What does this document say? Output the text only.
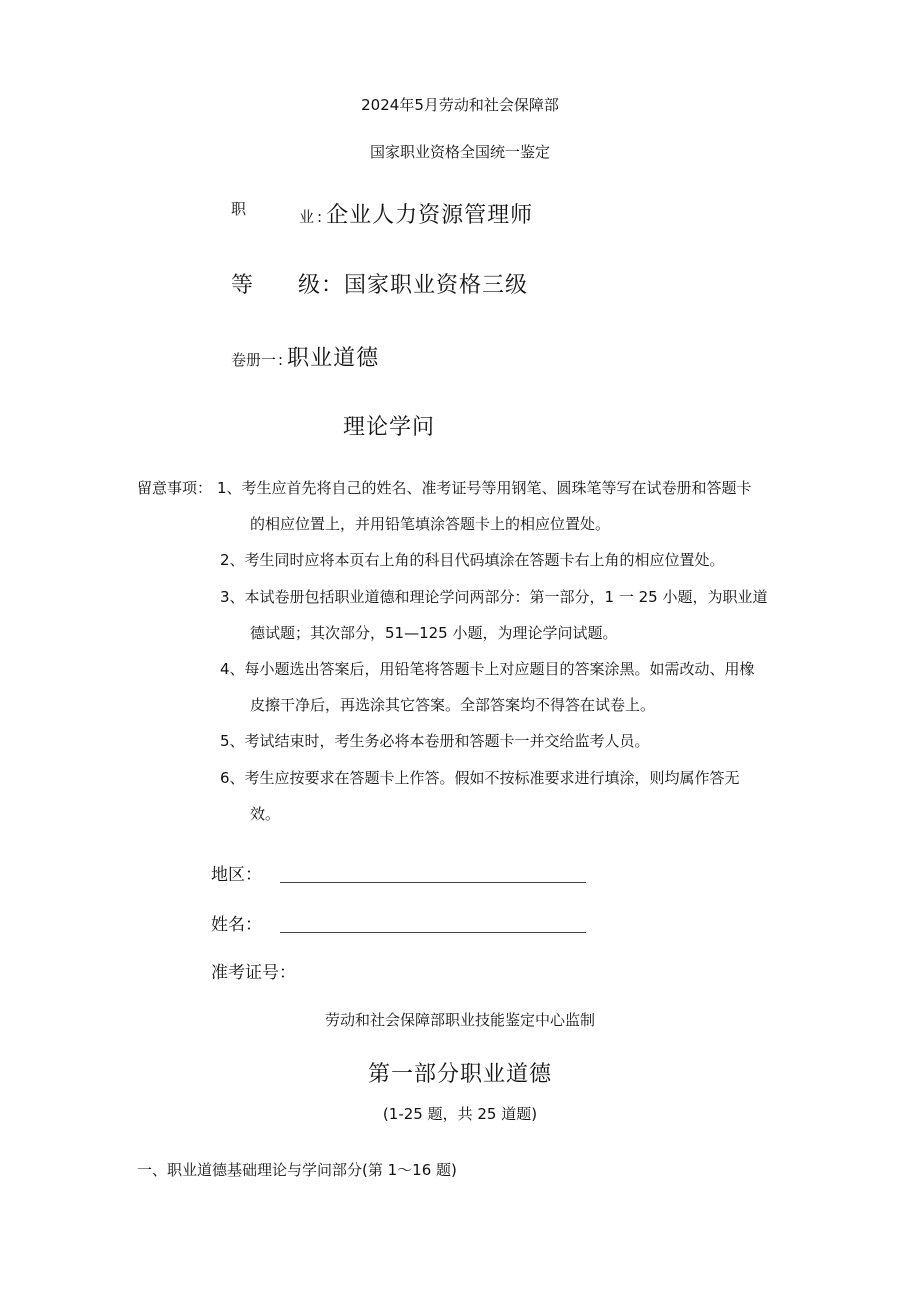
2024年5月劳动和社会保障部
国家职业资格全国统一鉴定
职	业 : 企业人力资源管理师
等 级：国家职业资格三级
卷册一 : 职业道德
理论学问
留意事项： 1、考生应首先将自己的姓名、准考证号等用钢笔、圆珠笔等写在试卷册和答题卡
的相应位置上，并用铅笔填涂答题卡上的相应位置处。
2、考生同时应将本页右上角的科目代码填涂在答题卡右上角的相应位置处。
3、本试卷册包括职业道德和理论学问两部分：第一部分，1 一 25 小题，为职业道
德试题；其次部分，51—125 小题，为理论学问试题。
4、每小题选出答案后，用铅笔将答题卡上对应题目的答案涂黑。如需改动、用橡
皮擦干净后，再选涂其它答案。全部答案均不得答在试卷上。
5、考试结束时，考生务必将本卷册和答题卡一并交给监考人员。
6、考生应按要求在答题卡上作答。假如不按标准要求进行填涂，则均属作答无
效。
地区：
姓名：
准考证号：
劳动和社会保障部职业技能鉴定中心监制
第一部分职业道德
(1-25 题，共 25 道题)
一、职业道德基础理论与学问部分(第 1～16 题)
